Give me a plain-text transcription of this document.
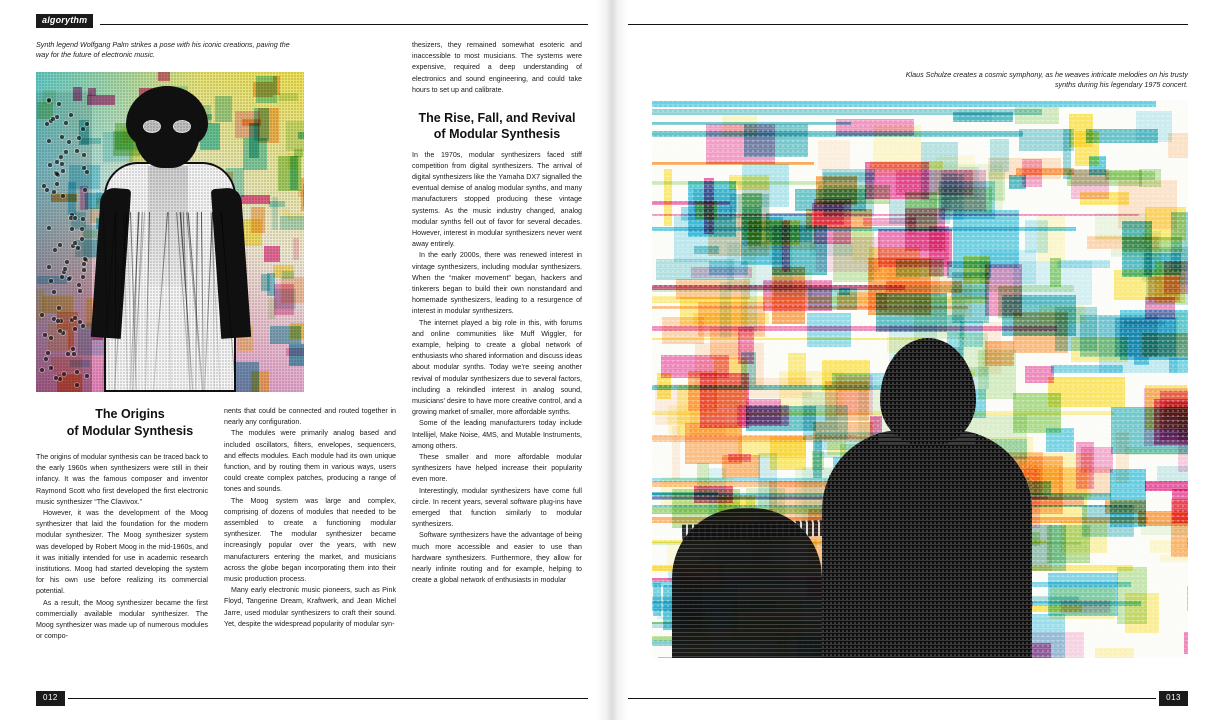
algorythm
Synth legend Wolfgang Palm strikes a pose with his iconic creations, paving the way for the future of electronic music.
The Origins
of Modular Synthesis

The origins of modular synthesis can be traced back to the early 1960s when synthesizers were still in their infancy. It was the famous composer and inventor Raymond Scott who first developed the first electronic music synthesizer “The Clavivox.”

However, it was the development of the Moog synthesizer that laid the foundation for the modern modular synthesizer. The Moog synthesizer system was developed by Robert Moog in the mid-1960s, and it was initially intended for use in academic research institutions. Moog had started developing the system for his own use before realizing its commercial potential.

As a result, the Moog synthesizer became the first commercially available modular synthesizer. The Moog synthesizer was made up of numerous modules or compo-

nents that could be connected and routed together in nearly any configuration.

The modules were primarily analog based and included oscillators, filters, envelopes, sequencers, and effects modules. Each module had its own unique function, and by routing them in various ways, users could create complex patches, producing a range of tones and sounds.

The Moog system was large and complex, comprising of dozens of modules that needed to be assembled to create a functioning modular synthesizer. The modular synthesizer became increasingly popular over the years, with new manufacturers entering the market, and musicians across the globe began incorporating them into their music production process.

Many early electronic music pioneers, such as Pink Floyd, Tangerine Dream, Kraftwerk, and Jean Michel Jarre, used modular synthesizers to craft their sound. Yet, despite the widespread popularity of modular syn-

thesizers, they remained somewhat esoteric and inaccessible to most musicians. The systems were expensive, required a deep understanding of electronics and sound engineering, and could take hours to set up and calibrate.

The Rise, Fall, and Revival
of Modular Synthesis

In the 1970s, modular synthesizers faced stiff competition from digital synthesizers. The arrival of digital synthesizers like the Yamaha DX7 signalled the eventual demise of analog modular synths, and many manufacturers stopped producing these vintage systems. As the music industry changed, analog modular synths fell out of favor for several decades. However, interest in modular synthesizers never went away entirely.

In the early 2000s, there was renewed interest in vintage synthesizers, including modular synthesizers. When the “maker movement” began, hackers and tinkerers began to build their own nonstandard and homemade synthesizers, leading to a resurgence of interest in modular synthesizers.

The internet played a big role in this, with forums and online communities like Muff Wiggler, for example, helping to create a global network of enthusiasts who shared information and discuss ideas about modular synths. Today we’re seeing another revival of modular synthesizers due to several factors, including a rekindled interest in analog sound, musicians’ desire to have more creative control, and a growing market of smaller, more affordable synths.

Some of the leading manufacturers today include Intellijel, Make Noise, 4MS, and Mutable Instruments, among others.

These smaller and more affordable modular synthesizers have helped increase their popularity even more.

Interestingly, modular synthesizers have come full circle. In recent years, several software plug-ins have emerged that function similarly to modular synthesizers.

Software synthesizers have the advantage of being much more accessible and easier to use than hardware synthesizers. Furthermore, they allow for nearly infinite routing and for example, helping to create a global network of enthusiasts in modular

012
Klaus Schulze creates a cosmic symphony, as he weaves intricate melodies on his trusty synths during his legendary 1975 concert.
013
